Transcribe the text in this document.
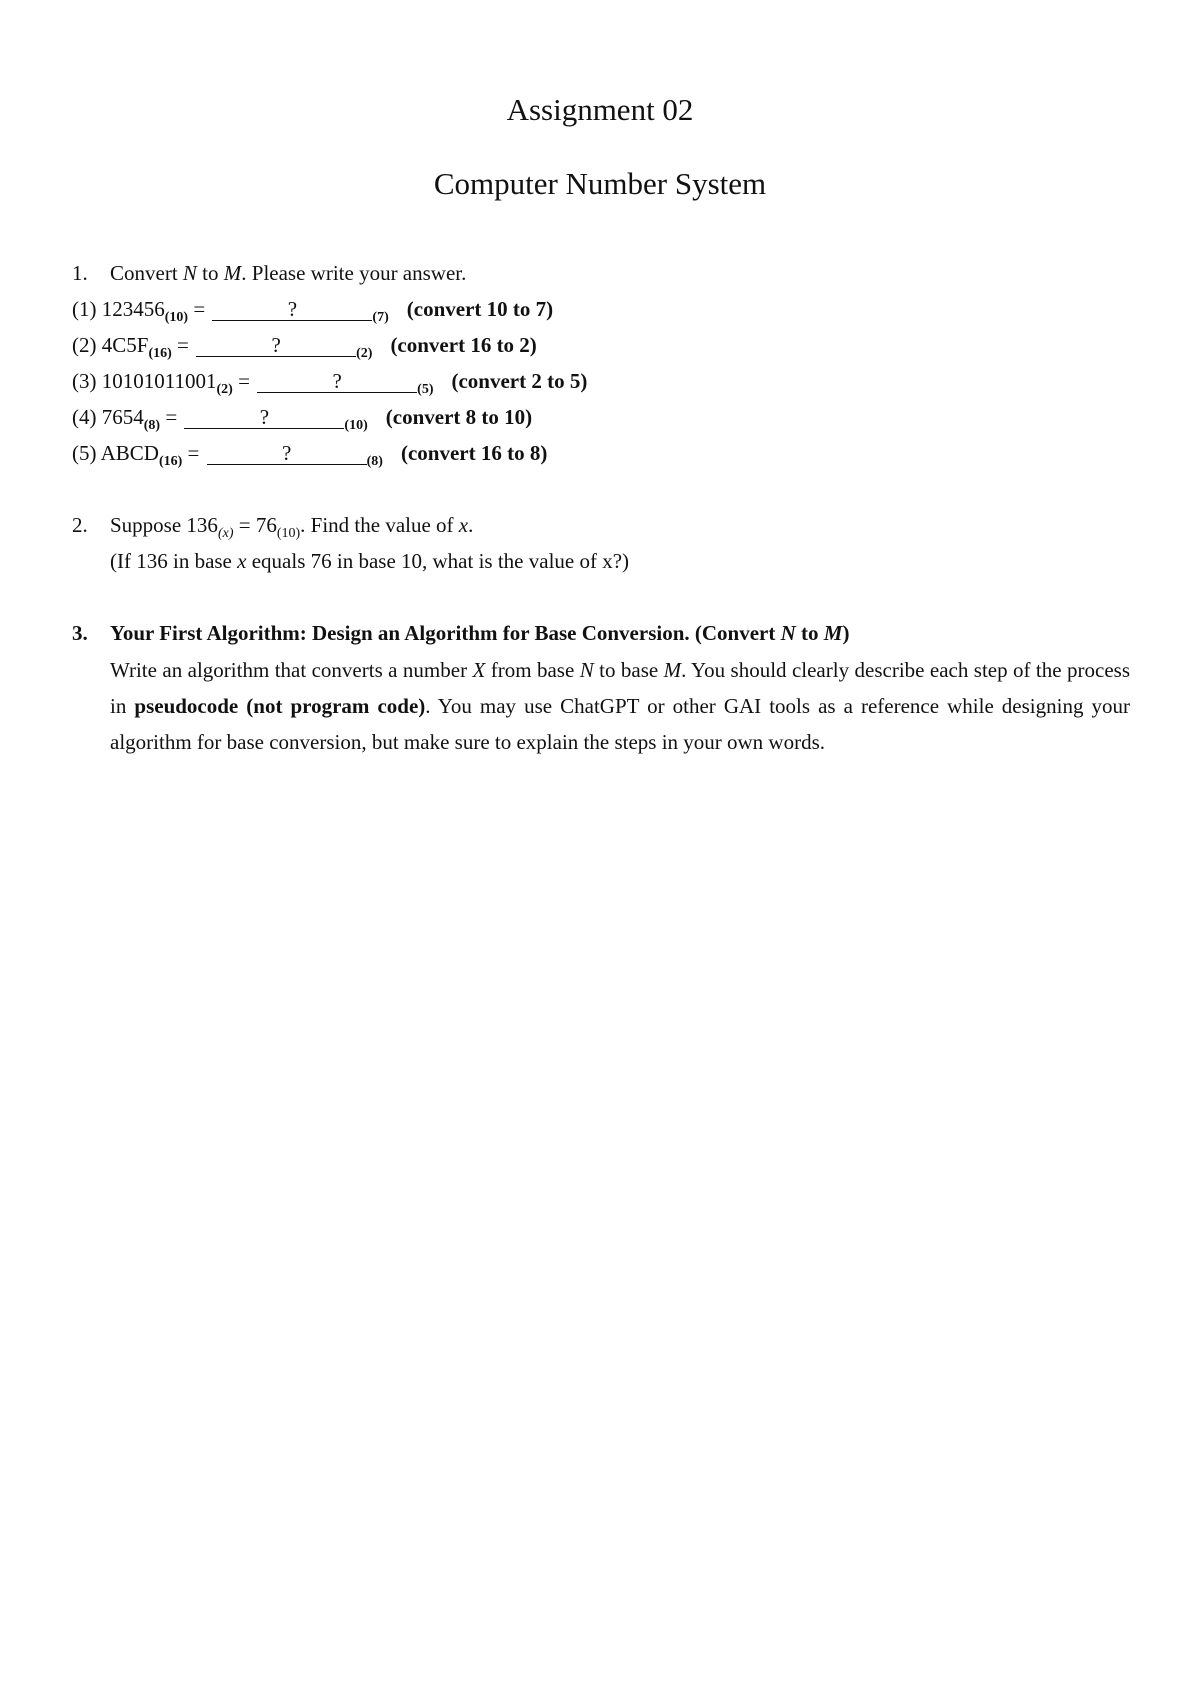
Assignment 02
Computer Number System
1. Convert N to M. Please write your answer.
(1) $123456_{(10)}$ =	?	$_{(7)}$ (convert 10 to 7)
(2) $4C5F_{(16)}$ =	?	$_{(2)}$ (convert 16 to 2)
(3) $10101011001_{(2)}$ =	?	$_{(5)}$ (convert 2 to 5)
(4) $7654_{(8)}$ =	?	$_{(10)}$ (convert 8 to 10)
(5) $ABCD_{(16)}$ =	?	$_{(8)}$ (convert 16 to 8)
2. Suppose $136_{(x)} = 76_{(10)}$. Find the value of x.
(If 136 in base x equals 76 in base 10, what is the value of x?)
3. Your First Algorithm: Design an Algorithm for Base Conversion. (Convert N to M)
Write an algorithm that converts a number X from base N to base M. You should clearly describe each step of the process in pseudocode (not program code). You may use ChatGPT or other GAI tools as a reference while designing your algorithm for base conversion, but make sure to explain the steps in your own words.
